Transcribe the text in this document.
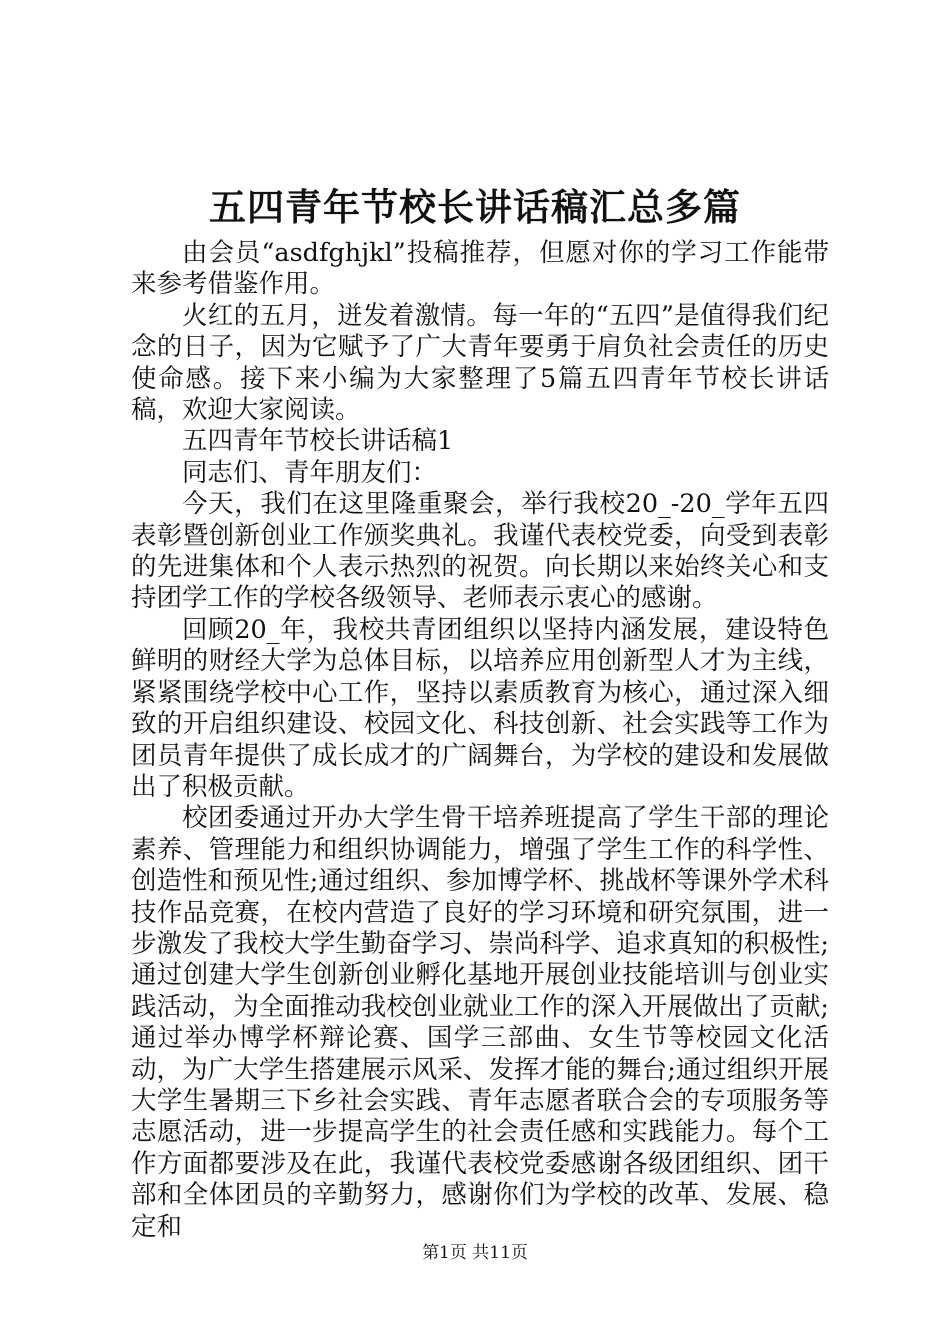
五四青年节校长讲话稿汇总多篇

由会员“asdfghjkl”投稿推荐，但愿对你的学习工作能带来参考借鉴作用。

火红的五月，迸发着激情。每一年的“五四”是值得我们纪念的日子，因为它赋予了广大青年要勇于肩负社会责任的历史使命感。接下来小编为大家整理了5篇五四青年节校长讲话稿，欢迎大家阅读。

五四青年节校长讲话稿1

同志们、青年朋友们：

今天，我们在这里隆重聚会，举行我校20_-20_学年五四表彰暨创新创业工作颁奖典礼。我谨代表校党委，向受到表彰的先进集体和个人表示热烈的祝贺。向长期以来始终关心和支持团学工作的学校各级领导、老师表示衷心的感谢。

回顾20_年，我校共青团组织以坚持内涵发展，建设特色鲜明的财经大学为总体目标，以培养应用创新型人才为主线，紧紧围绕学校中心工作，坚持以素质教育为核心，通过深入细致的开启组织建设、校园文化、科技创新、社会实践等工作为团员青年提供了成长成才的广阔舞台，为学校的建设和发展做出了积极贡献。

校团委通过开办大学生骨干培养班提高了学生干部的理论素养、管理能力和组织协调能力，增强了学生工作的科学性、创造性和预见性;通过组织、参加博学杯、挑战杯等课外学术科技作品竞赛，在校内营造了良好的学习环境和研究氛围，进一步激发了我校大学生勤奋学习、崇尚科学、追求真知的积极性;通过创建大学生创新创业孵化基地开展创业技能培训与创业实践活动，为全面推动我校创业就业工作的深入开展做出了贡献;通过举办博学杯辩论赛、国学三部曲、女生节等校园文化活动，为广大学生搭建展示风采、发挥才能的舞台;通过组织开展大学生暑期三下乡社会实践、青年志愿者联合会的专项服务等志愿活动，进一步提高学生的社会责任感和实践能力。每个工作方面都要涉及在此，我谨代表校党委感谢各级团组织、团干部和全体团员的辛勤努力，感谢你们为学校的改革、发展、稳定和

第1页 共11页
